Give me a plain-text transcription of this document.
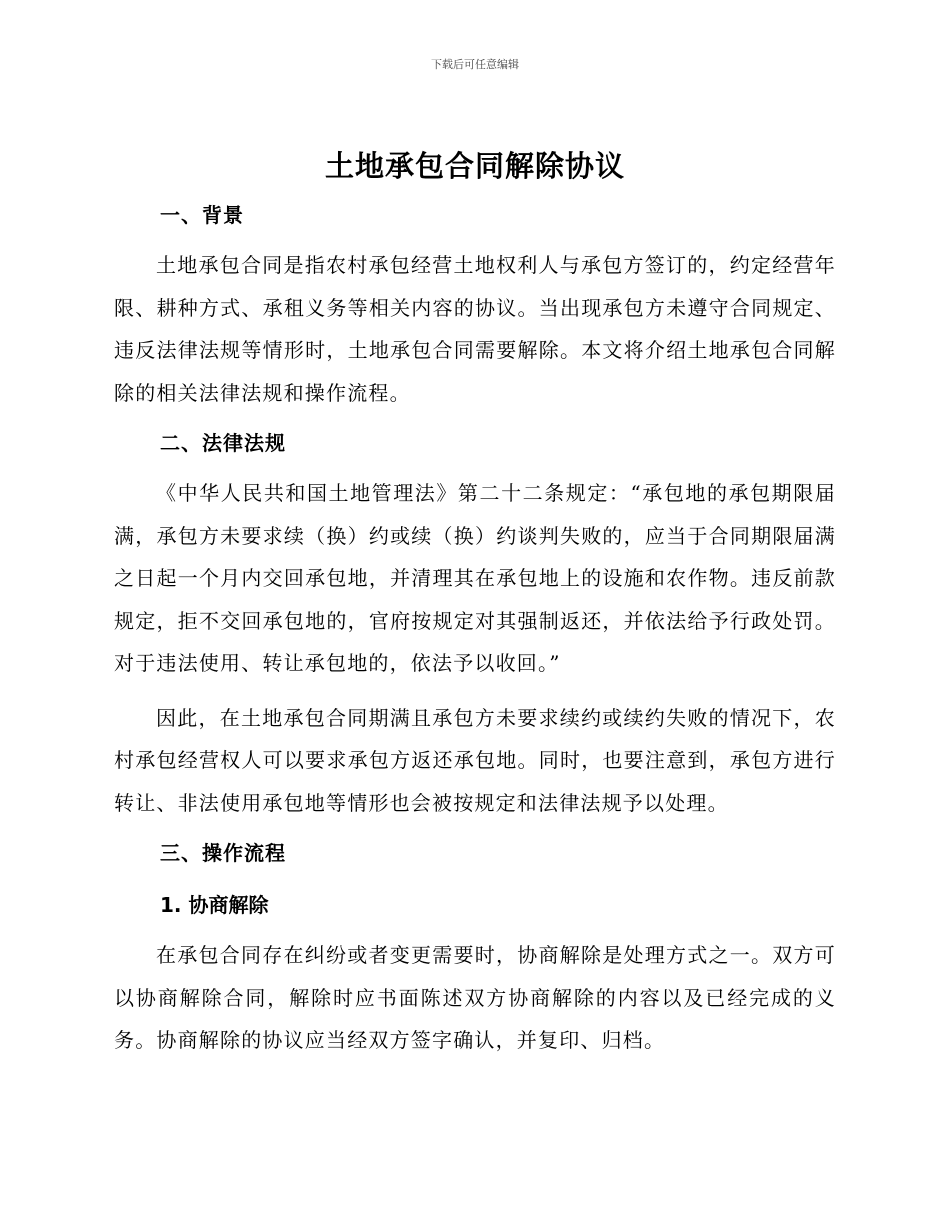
下载后可任意编辑
土地承包合同解除协议
一、背景

土地承包合同是指农村承包经营土地权利人与承包方签订的，约定经营年限、耕种方式、承租义务等相关内容的协议。当出现承包方未遵守合同规定、违反法律法规等情形时，土地承包合同需要解除。本文将介绍土地承包合同解除的相关法律法规和操作流程。

二、法律法规

《中华人民共和国土地管理法》第二十二条规定：“承包地的承包期限届满，承包方未要求续（换）约或续（换）约谈判失败的，应当于合同期限届满之日起一个月内交回承包地，并清理其在承包地上的设施和农作物。违反前款规定，拒不交回承包地的，官府按规定对其强制返还，并依法给予行政处罚。对于违法使用、转让承包地的，依法予以收回。”

因此，在土地承包合同期满且承包方未要求续约或续约失败的情况下，农村承包经营权人可以要求承包方返还承包地。同时，也要注意到，承包方进行转让、非法使用承包地等情形也会被按规定和法律法规予以处理。

三、操作流程
1. 协商解除

在承包合同存在纠纷或者变更需要时，协商解除是处理方式之一。双方可以协商解除合同，解除时应书面陈述双方协商解除的内容以及已经完成的义务。协商解除的协议应当经双方签字确认，并复印、归档。
